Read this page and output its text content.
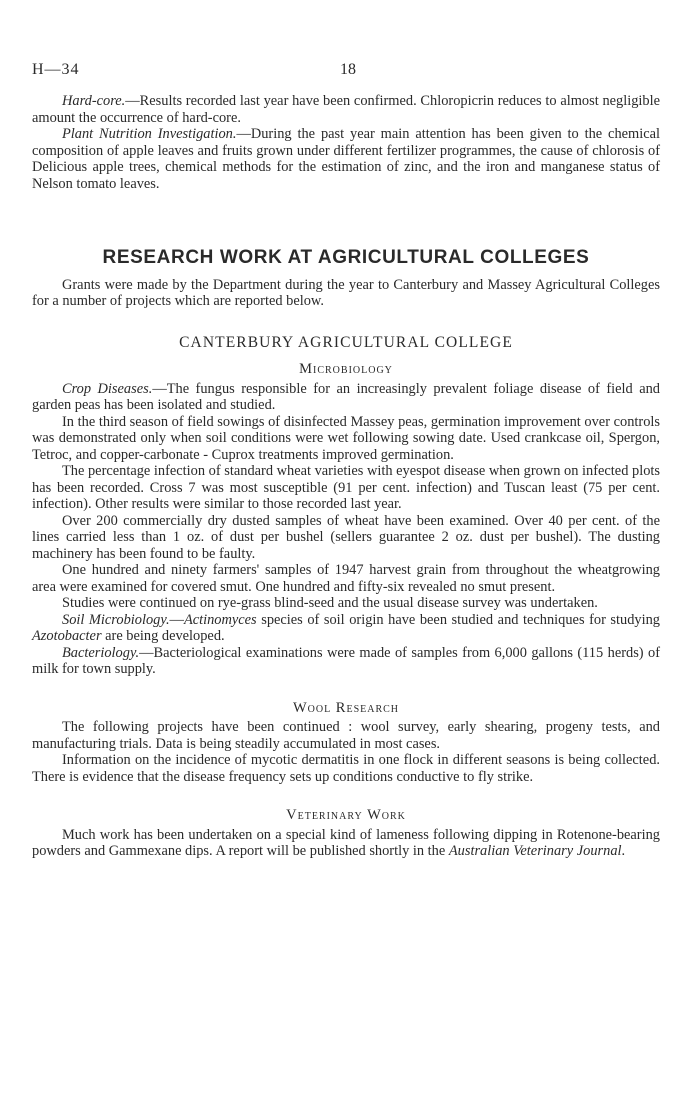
H—34	18

Hard-core.—Results recorded last year have been confirmed. Chloropicrin reduces to almost negligible amount the occurrence of hard-core.

Plant Nutrition Investigation.—During the past year main attention has been given to the chemical composition of apple leaves and fruits grown under different fertilizer programmes, the cause of chlorosis of Delicious apple trees, chemical methods for the estimation of zinc, and the iron and manganese status of Nelson tomato leaves.

RESEARCH WORK AT AGRICULTURAL COLLEGES

Grants were made by the Department during the year to Canterbury and Massey Agricultural Colleges for a number of projects which are reported below.

CANTERBURY AGRICULTURAL COLLEGE
Microbiology

Crop Diseases.—The fungus responsible for an increasingly prevalent foliage disease of field and garden peas has been isolated and studied.

In the third season of field sowings of disinfected Massey peas, germination improvement over controls was demonstrated only when soil conditions were wet following sowing date. Used crankcase oil, Spergon, Tetroc, and copper-carbonate - Cuprox treatments improved germination.

The percentage infection of standard wheat varieties with eyespot disease when grown on infected plots has been recorded. Cross 7 was most susceptible (91 per cent. infection) and Tuscan least (75 per cent. infection). Other results were similar to those recorded last year.

Over 200 commercially dry dusted samples of wheat have been examined. Over 40 per cent. of the lines carried less than 1 oz. of dust per bushel (sellers guarantee 2 oz. dust per bushel). The dusting machinery has been found to be faulty.

One hundred and ninety farmers' samples of 1947 harvest grain from throughout the wheatgrowing area were examined for covered smut. One hundred and fifty-six revealed no smut present.

Studies were continued on rye-grass blind-seed and the usual disease survey was undertaken.

Soil Microbiology.—Actinomyces species of soil origin have been studied and techniques for studying Azotobacter are being developed.

Bacteriology.—Bacteriological examinations were made of samples from 6,000 gallons (115 herds) of milk for town supply.

Wool Research

The following projects have been continued : wool survey, early shearing, progeny tests, and manufacturing trials. Data is being steadily accumulated in most cases.

Information on the incidence of mycotic dermatitis in one flock in different seasons is being collected. There is evidence that the disease frequency sets up conditions conductive to fly strike.

Veterinary Work

Much work has been undertaken on a special kind of lameness following dipping in Rotenone-bearing powders and Gammexane dips. A report will be published shortly in the Australian Veterinary Journal.
